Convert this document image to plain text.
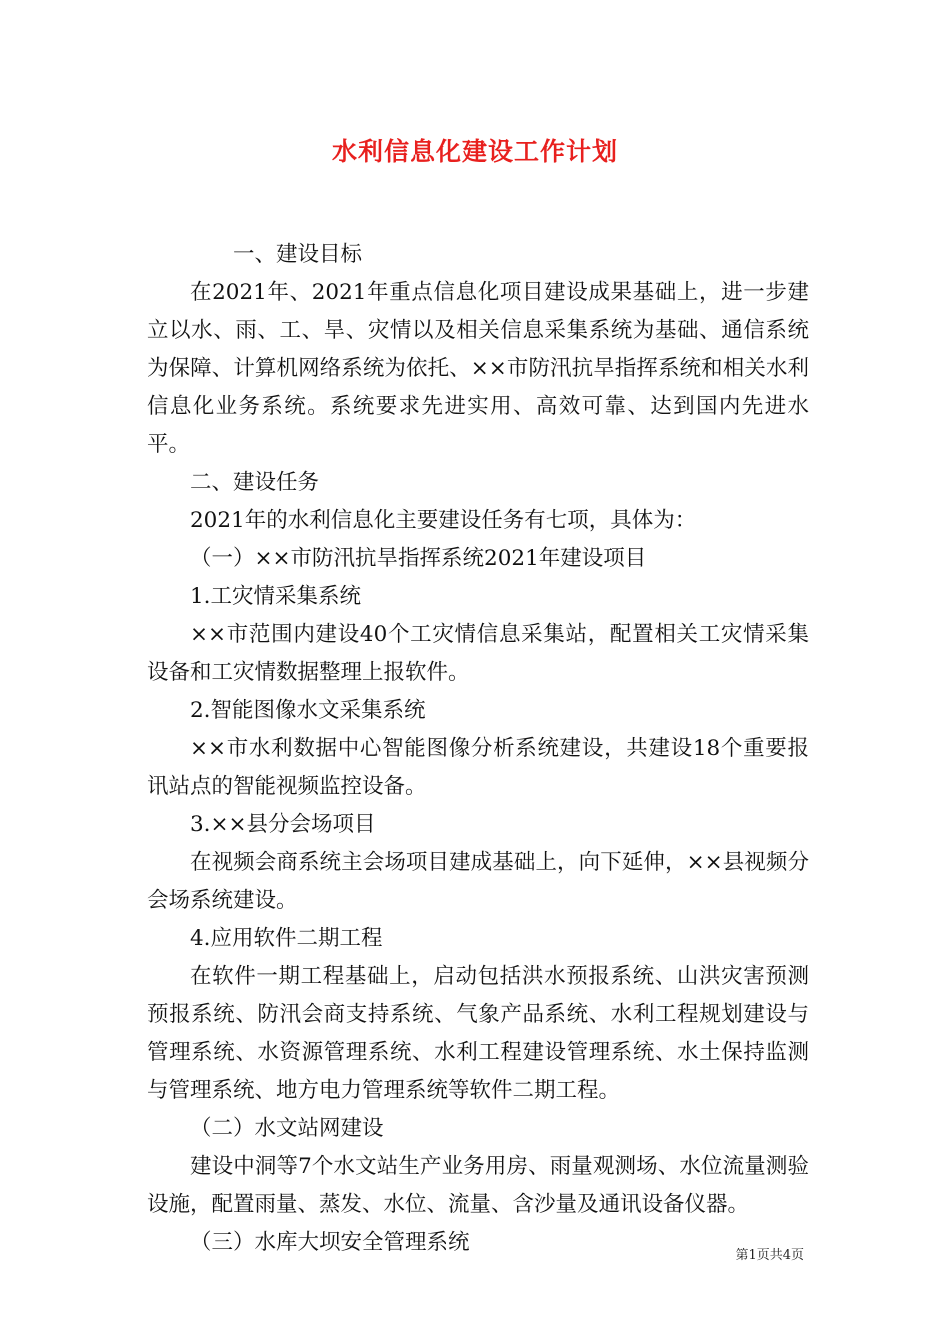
水利信息化建设工作计划

一、建设目标

在2021年、2021年重点信息化项目建设成果基础上，进一步建立以水、雨、工、旱、灾情以及相关信息采集系统为基础、通信系统为保障、计算机网络系统为依托、××市防汛抗旱指挥系统和相关水利信息化业务系统。系统要求先进实用、高效可靠、达到国内先进水平。

二、建设任务

2021年的水利信息化主要建设任务有七项，具体为：

（一）××市防汛抗旱指挥系统2021年建设项目

1.工灾情采集系统

××市范围内建设40个工灾情信息采集站，配置相关工灾情采集设备和工灾情数据整理上报软件。

2.智能图像水文采集系统

××市水利数据中心智能图像分析系统建设，共建设18个重要报讯站点的智能视频监控设备。

3.××县分会场项目

在视频会商系统主会场项目建成基础上，向下延伸，××县视频分会场系统建设。

4.应用软件二期工程

在软件一期工程基础上，启动包括洪水预报系统、山洪灾害预测预报系统、防汛会商支持系统、气象产品系统、水利工程规划建设与管理系统、水资源管理系统、水利工程建设管理系统、水土保持监测与管理系统、地方电力管理系统等软件二期工程。

（二）水文站网建设

建设中洞等7个水文站生产业务用房、雨量观测场、水位流量测验设施，配置雨量、蒸发、水位、流量、含沙量及通讯设备仪器。

（三）水库大坝安全管理系统

第1页共4页
